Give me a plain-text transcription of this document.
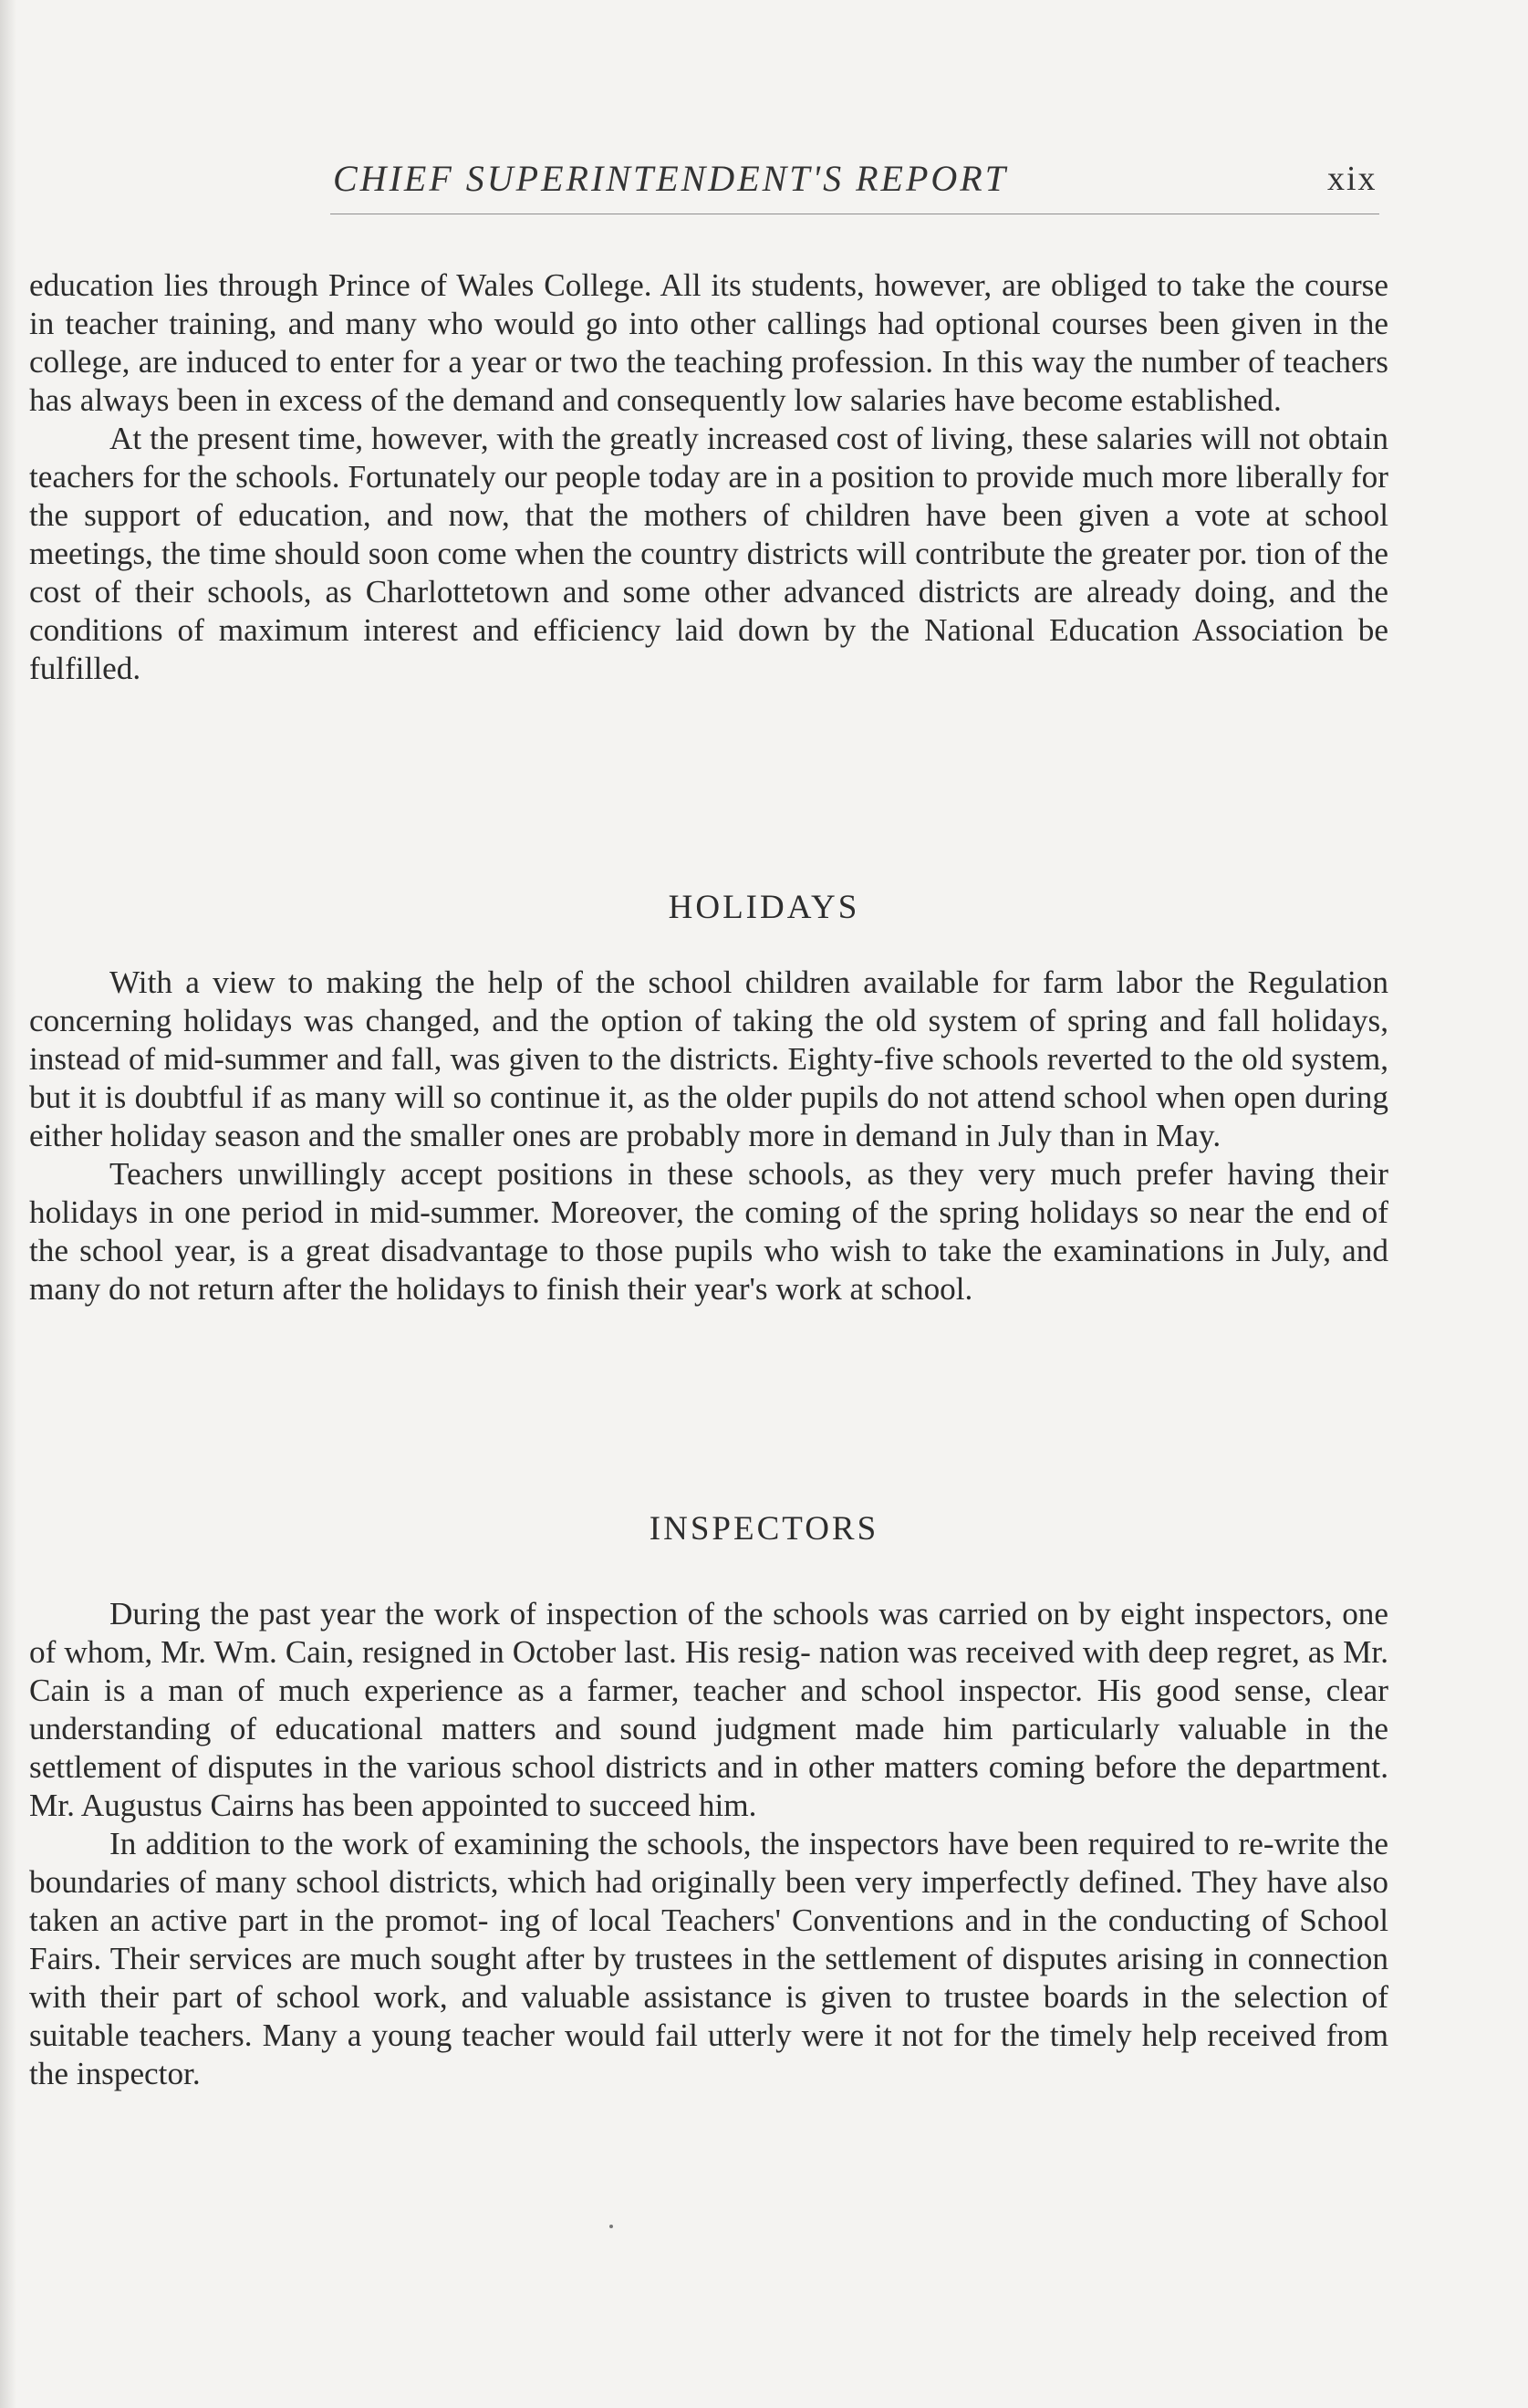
CHIEF SUPERINTENDENT'S REPORT	xix

education lies through Prince of Wales College. All its students, however, are obliged to take the course in teacher training, and many who would go into other callings had optional courses been given in the college, are induced to enter for a year or two the teaching profession. In this way the number of teachers has always been in excess of the demand and consequently low salaries have become established.

At the present time, however, with the greatly increased cost of living, these salaries will not obtain teachers for the schools. Fortunately our people today are in a position to provide much more liberally for the support of education, and now, that the mothers of children have been given a vote at school meetings, the time should soon come when the country districts will contribute the greater por. tion of the cost of their schools, as Charlottetown and some other advanced districts are already doing, and the conditions of maximum interest and efficiency laid down by the National Education Association be fulfilled.

HOLIDAYS

With a view to making the help of the school children available for farm labor the Regulation concerning holidays was changed, and the option of taking the old system of spring and fall holidays, instead of mid-summer and fall, was given to the districts. Eighty-five schools reverted to the old system, but it is doubtful if as many will so continue it, as the older pupils do not attend school when open during either holiday season and the smaller ones are probably more in demand in July than in May.

Teachers unwillingly accept positions in these schools, as they very much prefer having their holidays in one period in mid-summer. Moreover, the coming of the spring holidays so near the end of the school year, is a great disadvantage to those pupils who wish to take the examinations in July, and many do not return after the holidays to finish their year's work at school.

INSPECTORS

During the past year the work of inspection of the schools was carried on by eight inspectors, one of whom, Mr. Wm. Cain, resigned in October last. His resig- nation was received with deep regret, as Mr. Cain is a man of much experience as a farmer, teacher and school inspector. His good sense, clear understanding of educational matters and sound judgment made him particularly valuable in the settlement of disputes in the various school districts and in other matters coming before the department. Mr. Augustus Cairns has been appointed to succeed him.

In addition to the work of examining the schools, the inspectors have been required to re-write the boundaries of many school districts, which had originally been very imperfectly defined. They have also taken an active part in the promot- ing of local Teachers' Conventions and in the conducting of School Fairs. Their services are much sought after by trustees in the settlement of disputes arising in connection with their part of school work, and valuable assistance is given to trustee boards in the selection of suitable teachers. Many a young teacher would fail utterly were it not for the timely help received from the inspector.
